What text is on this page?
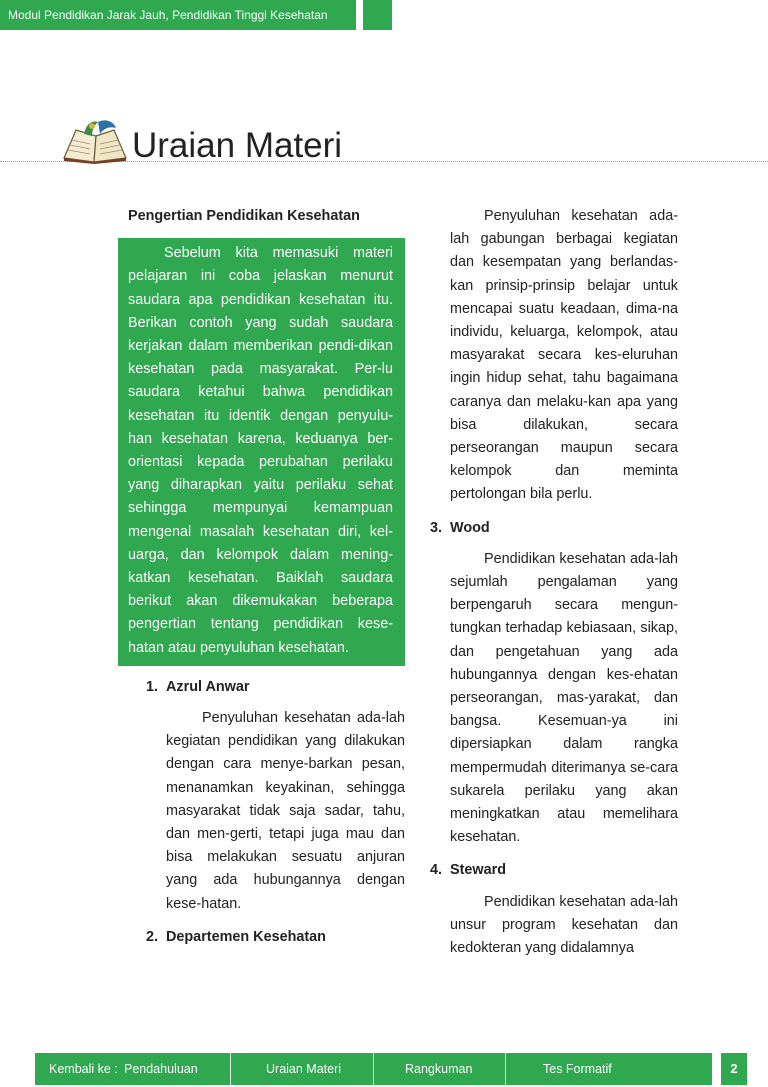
Modul Pendidikan Jarak Jauh, Pendidikan Tinggi Kesehatan
Uraian Materi
Pengertian Pendidikan Kesehatan

Sebelum kita memasuki materi pelajaran ini coba jelaskan menurut saudara apa pendidikan kesehatan itu. Berikan contoh yang sudah saudara kerjakan dalam memberikan pendi-dikan kesehatan pada masyarakat. Per-lu saudara ketahui bahwa pendidikan kesehatan itu identik dengan penyulu-han kesehatan karena, keduanya ber-orientasi kepada perubahan perilaku yang diharapkan yaitu perilaku sehat sehingga mempunyai kemampuan mengenal masalah kesehatan diri, kel-uarga, dan kelompok dalam mening-katkan kesehatan. Baiklah saudara berikut akan dikemukakan beberapa pengertian tentang pendidikan kese-hatan atau penyuluhan kesehatan.

1. Azrul Anwar

Penyuluhan kesehatan ada-lah kegiatan pendidikan yang dilakukan dengan cara menye-barkan pesan, menanamkan keyakinan, sehingga masyarakat tidak saja sadar, tahu, dan men-gerti, tetapi juga mau dan bisa melakukan sesuatu anjuran yang ada hubungannya dengan kese-hatan.

2. Departemen Kesehatan

Penyuluhan kesehatan ada-lah gabungan berbagai kegiatan dan kesempatan yang berlandas-kan prinsip-prinsip belajar untuk mencapai suatu keadaan, dima-na individu, keluarga, kelompok, atau masyarakat secara kes-eluruhan ingin hidup sehat, tahu bagaimana caranya dan melaku-kan apa yang bisa dilakukan, secara perseorangan maupun secara kelompok dan meminta pertolongan bila perlu.

3. Wood

Pendidikan kesehatan ada-lah sejumlah pengalaman yang berpengaruh secara mengun-tungkan terhadap kebiasaan, sikap, dan pengetahuan yang ada hubungannya dengan kes-ehatan perseorangan, mas-yarakat, dan bangsa. Kesemuan-ya ini dipersiapkan dalam rangka mempermudah diterimanya se-cara sukarela perilaku yang akan meningkatkan atau memelihara kesehatan.

4. Steward

Pendidikan kesehatan ada-lah unsur program kesehatan dan kedokteran yang didalamnya

Kembali ke : Pendahuluan	Uraian Materi	Rangkuman	Tes Formatif	2
